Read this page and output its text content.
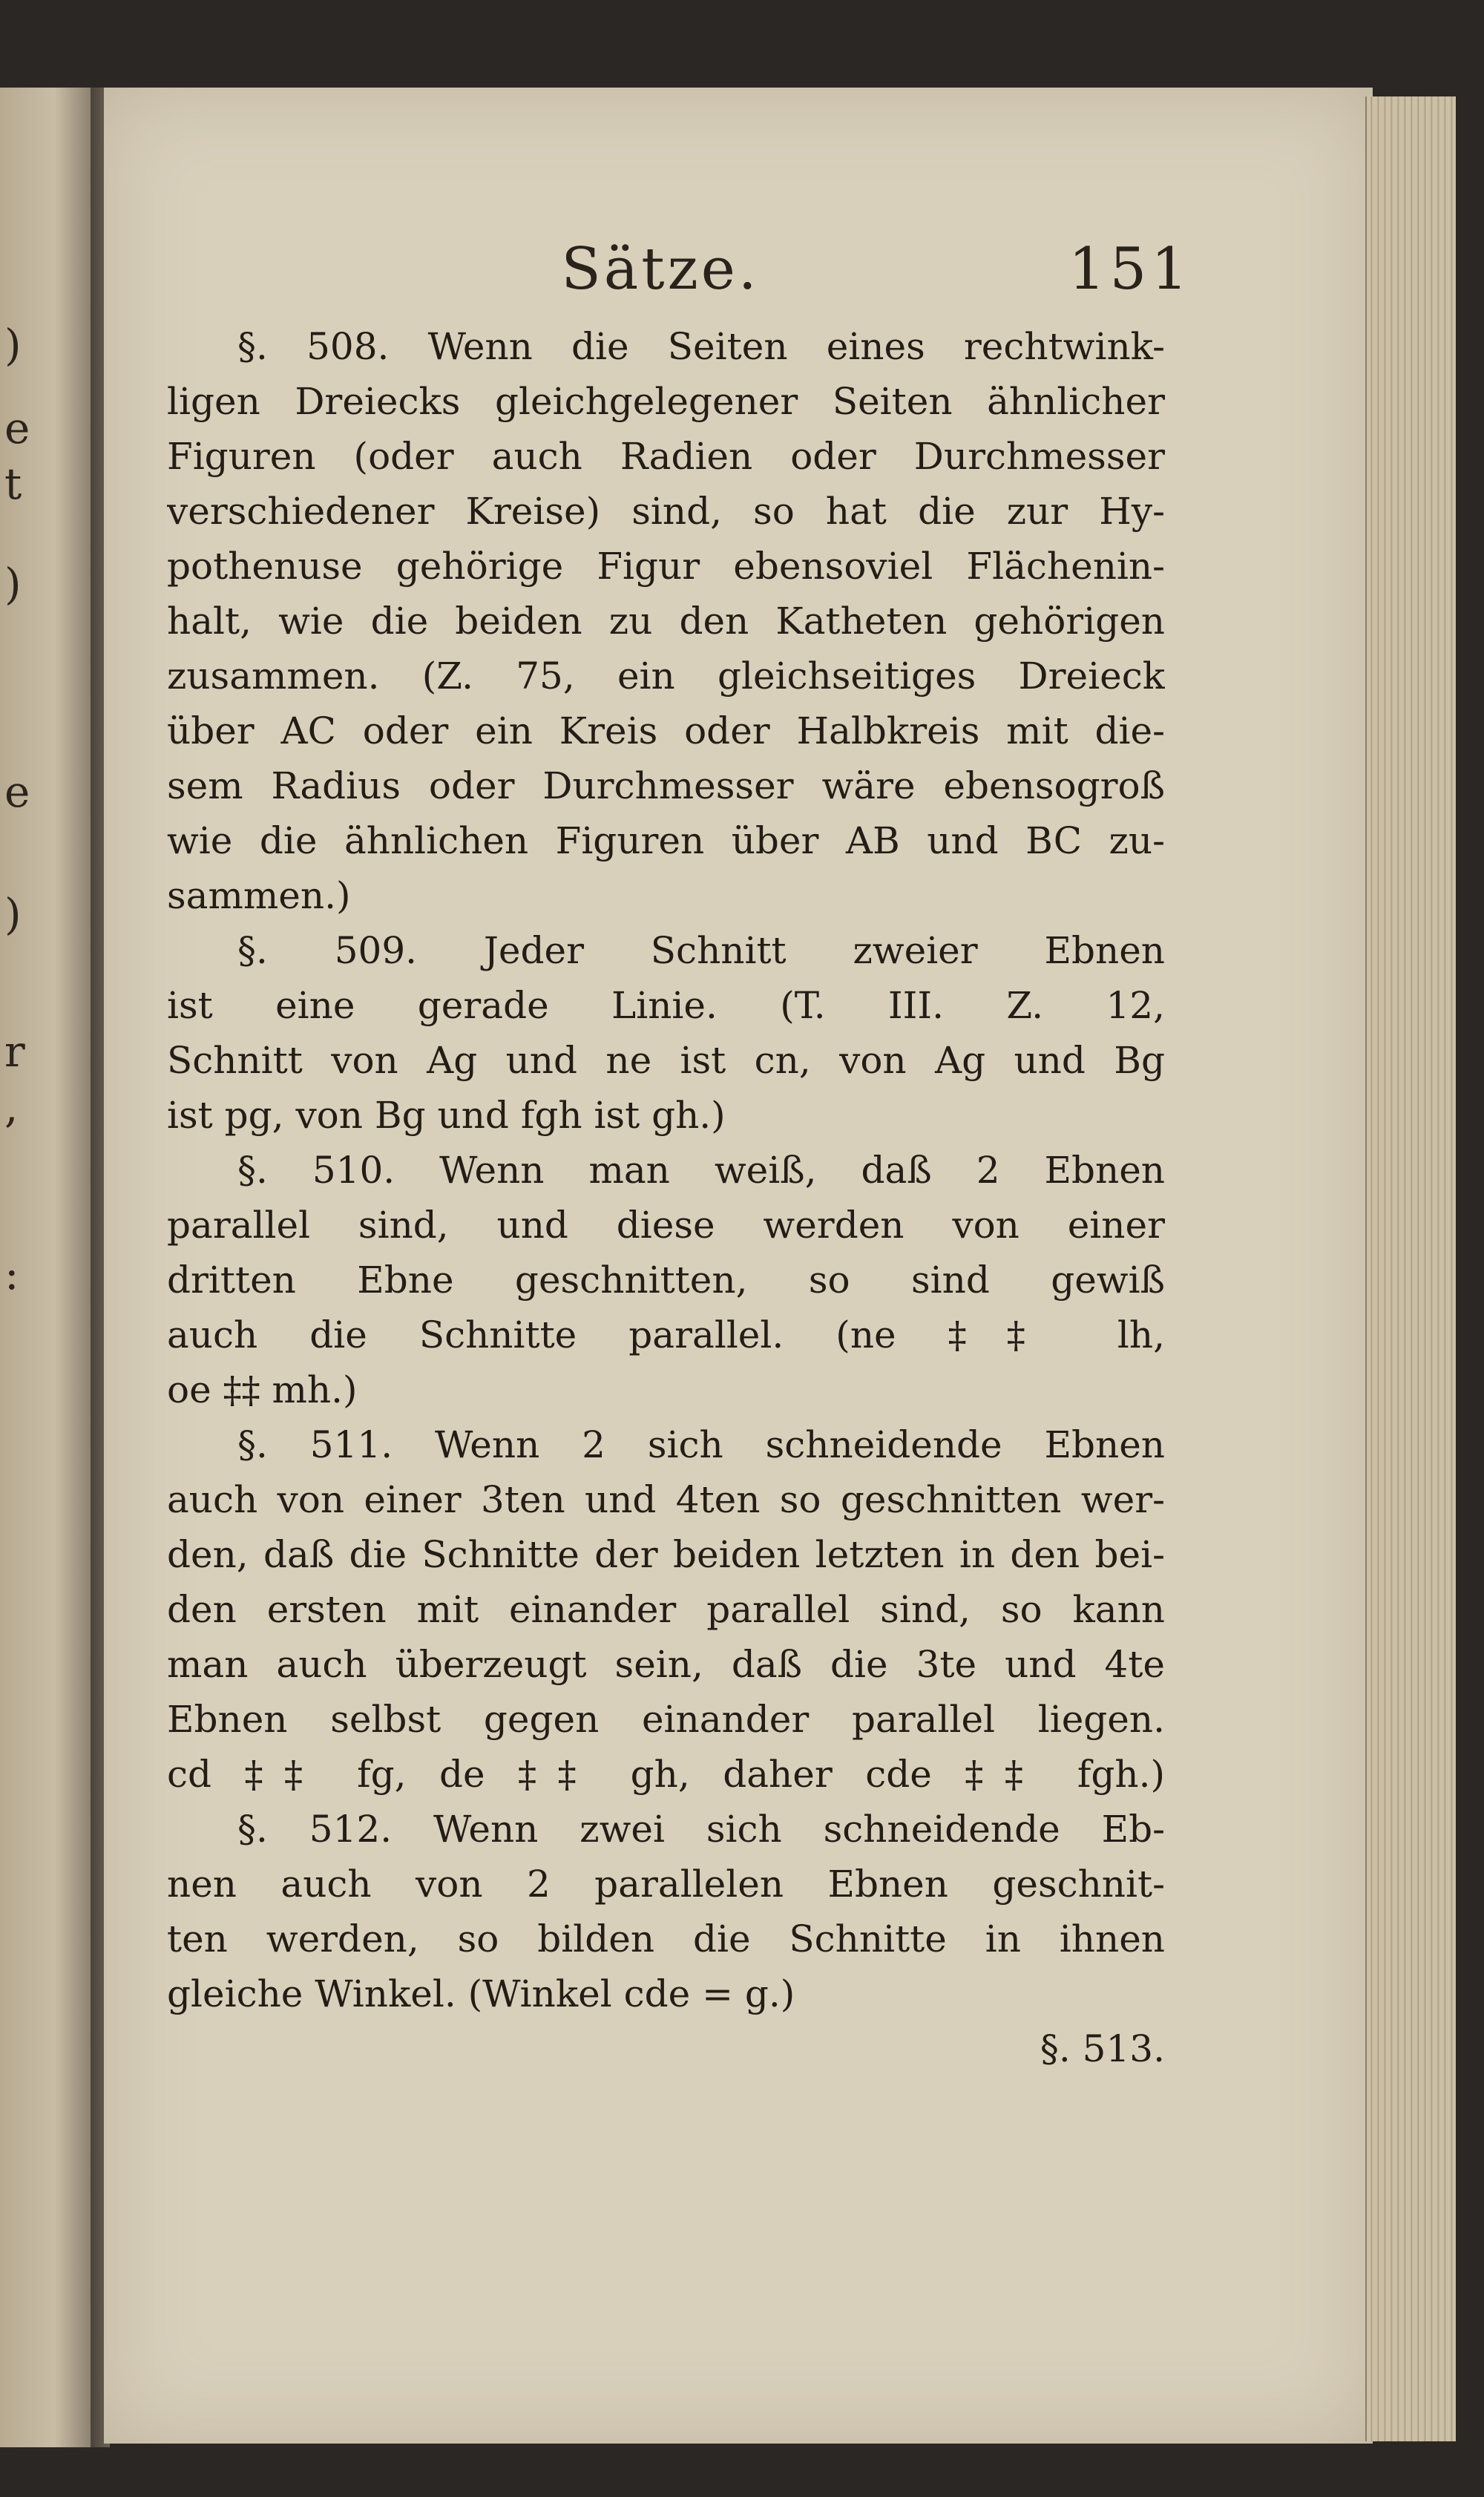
)
e
t
)
e
)
r
,
:
Sätze.	151
§. 508. Wenn die Seiten eines rechtwink-
ligen Dreiecks gleichgelegener Seiten ähnlicher
Figuren (oder auch Radien oder Durchmesser
verschiedener Kreise) sind, so hat die zur Hy-
pothenuse gehörige Figur ebensoviel Flächenin-
halt, wie die beiden zu den Katheten gehörigen
zusammen. (Z. 75, ein gleichseitiges Dreieck
über AC oder ein Kreis oder Halbkreis mit die-
sem Radius oder Durchmesser wäre ebensogroß
wie die ähnlichen Figuren über AB und BC zu-
sammen.)
§. 509. Jeder Schnitt zweier Ebnen
ist eine gerade Linie. (T. III. Z. 12,
Schnitt von Ag und ne ist cn, von Ag und Bg
ist pg, von Bg und fgh ist gh.)
§. 510. Wenn man weiß, daß 2 Ebnen
parallel sind, und diese werden von einer
dritten Ebne geschnitten, so sind gewiß
auch die Schnitte parallel. (ne ‡‡ lh,
oe ‡‡ mh.)
§. 511. Wenn 2 sich schneidende Ebnen
auch von einer 3ten und 4ten so geschnitten wer-
den, daß die Schnitte der beiden letzten in den bei-
den ersten mit einander parallel sind, so kann
man auch überzeugt sein, daß die 3te und 4te
Ebnen selbst gegen einander parallel liegen.
cd ‡‡ fg, de ‡‡ gh, daher cde ‡‡ fgh.)
§. 512. Wenn zwei sich schneidende Eb-
nen auch von 2 parallelen Ebnen geschnit-
ten werden, so bilden die Schnitte in ihnen
gleiche Winkel. (Winkel cde = g.)
§. 513.
